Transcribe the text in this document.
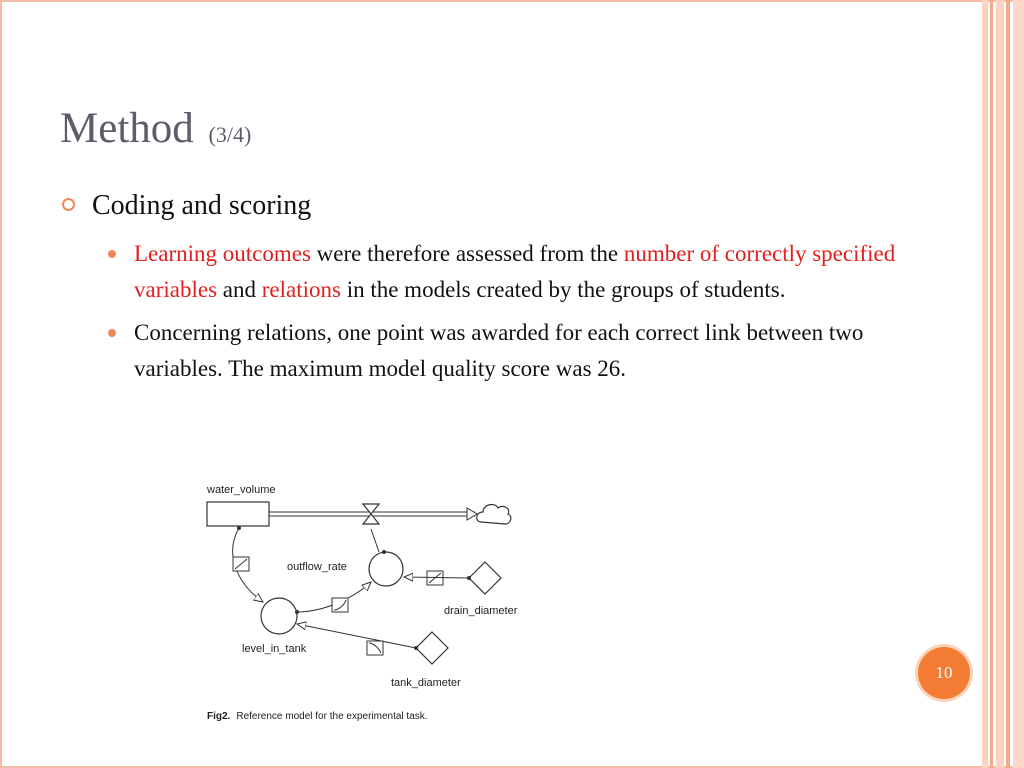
Method (3/4)
Coding and scoring
Learning outcomes were therefore assessed from the number of correctly specified variables and relations in the models created by the groups of students.
Concerning relations, one point was awarded for each correct link between two variables. The maximum model quality score was 26.
water_volume
outflow_rate
drain_diameter
level_in_tank
tank_diameter
Fig2. Reference model for the experimental task.
10
